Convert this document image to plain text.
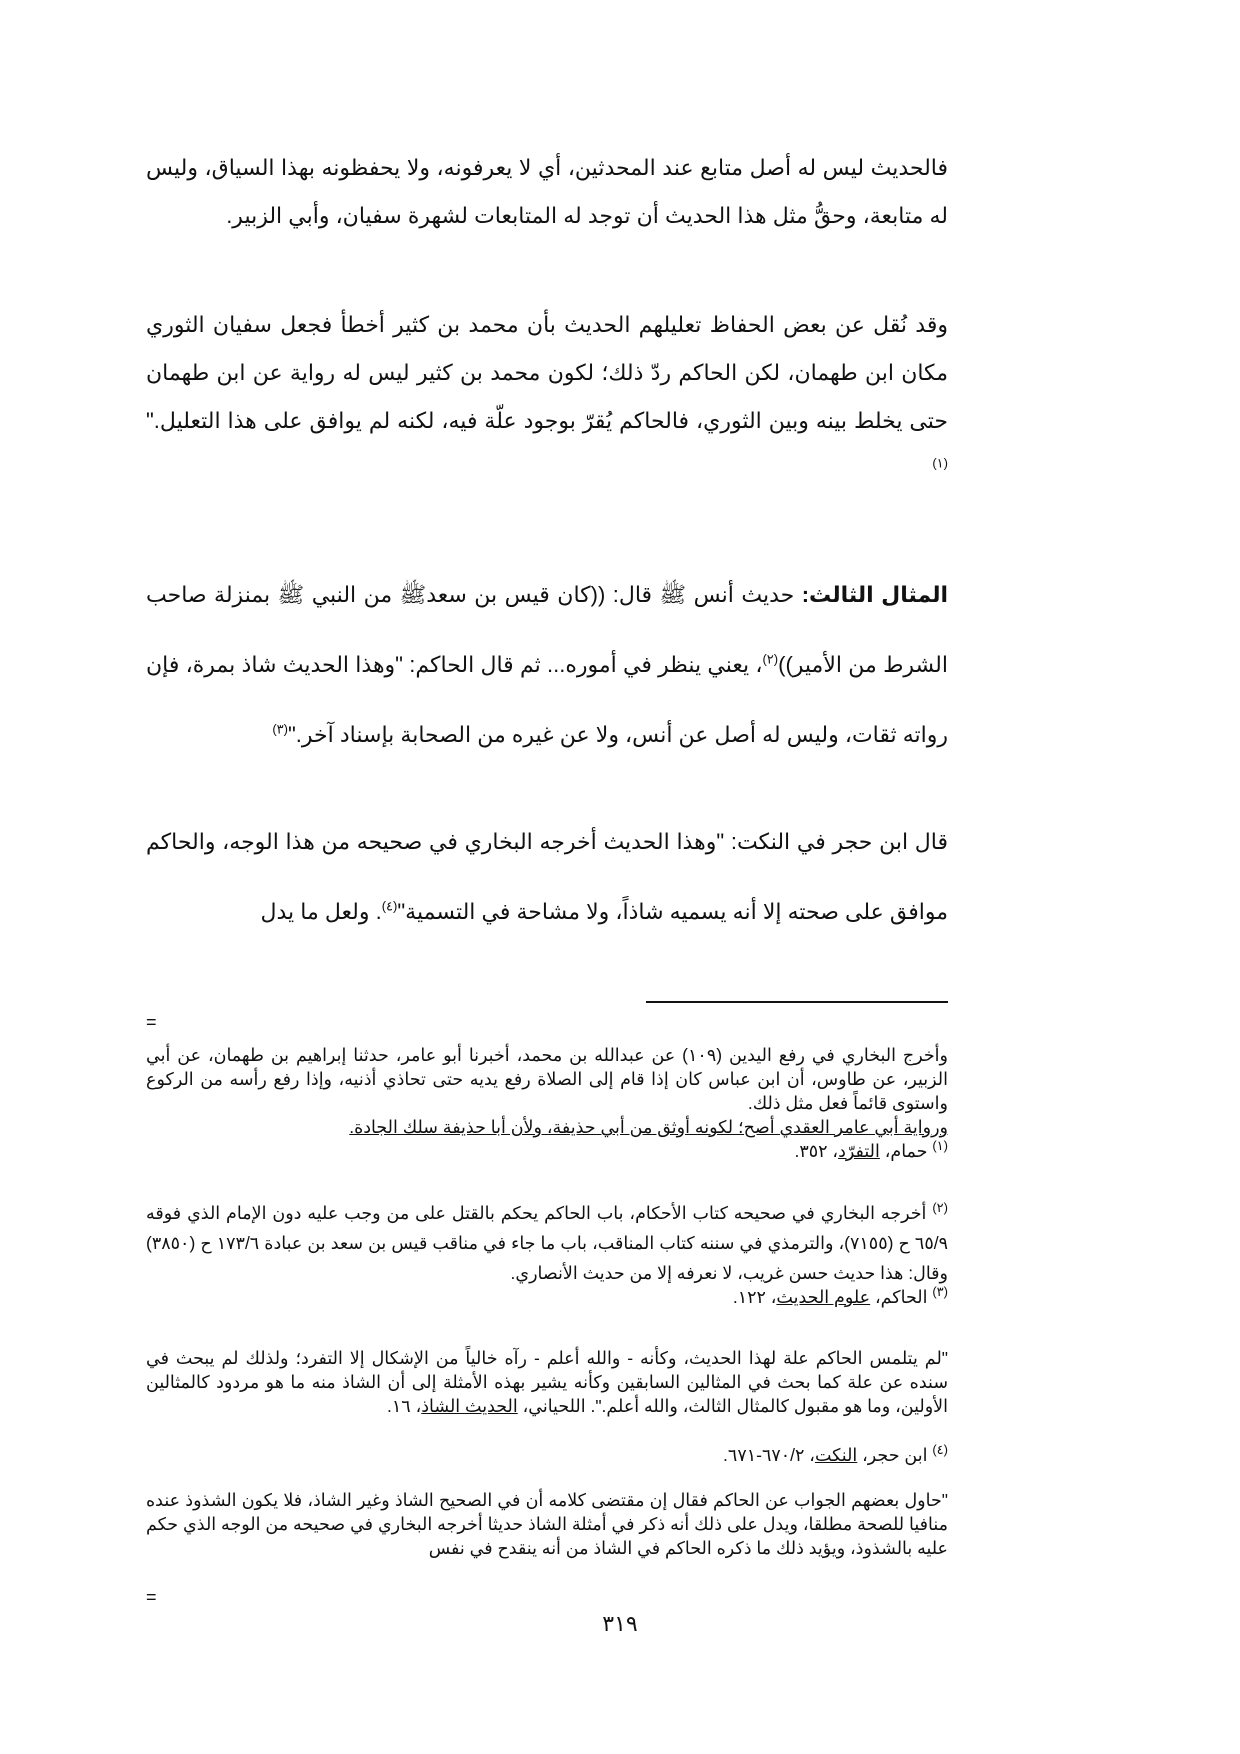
فالحديث ليس له أصل متابع عند المحدثين، أي لا يعرفونه، ولا يحفظونه بهذا السياق، وليس له متابعة، وحقُّ مثل هذا الحديث أن توجد له المتابعات لشهرة سفيان، وأبي الزبير.

وقد نُقل عن بعض الحفاظ تعليلهم الحديث بأن محمد بن كثير أخطأ فجعل سفيان الثوري مكان ابن طهمان، لكن الحاكم ردّ ذلك؛ لكون محمد بن كثير ليس له رواية عن ابن طهمان حتى يخلط بينه وبين الثوري، فالحاكم يُقرّ بوجود علّة فيه، لكنه لم يوافق على هذا التعليل."$^{(١)}$

المثال الثالث: حديث أنس ﷺ قال: ((كان قيس بن سعدﷺ من النبي ﷺ بمنزلة صاحب الشرط من الأمير))$^{(٢)}$، يعني ينظر في أموره... ثم قال الحاكم: "وهذا الحديث شاذ بمرة، فإن رواته ثقات، وليس له أصل عن أنس، ولا عن غيره من الصحابة بإسناد آخر."$^{(٣)}$

قال ابن حجر في النكت: "وهذا الحديث أخرجه البخاري في صحيحه من هذا الوجه، والحاكم موافق على صحته إلا أنه يسميه شاذاً، ولا مشاحة في التسمية"$^{(٤)}$. ولعل ما يدل

=

وأخرج البخاري في رفع اليدين (١٠٩) عن عبدالله بن محمد، أخبرنا أبو عامر، حدثنا إبراهيم بن طهمان، عن أبي الزبير، عن طاوس، أن ابن عباس كان إذا قام إلى الصلاة رفع يديه حتى تحاذي أذنيه، وإذا رفع رأسه من الركوع واستوى قائماً فعل مثل ذلك.

ورواية أبي عامر العقدي أصح؛ لكونه أوثق من أبي حذيفة، ولأن أبا حذيفة سلك الجادة.

$^{(١)}$ حمام، التفرّد، ٣٥٢.

$^{(٢)}$ أخرجه البخاري في صحيحه كتاب الأحكام، باب الحاكم يحكم بالقتل على من وجب عليه دون الإمام الذي فوقه ٦٥/٩ ح (٧١٥٥)، والترمذي في سننه كتاب المناقب، باب ما جاء في مناقب قيس بن سعد بن عبادة ١٧٣/٦ ح (٣٨٥٠) وقال: هذا حديث حسن غريب، لا نعرفه إلا من حديث الأنصاري.

$^{(٣)}$ الحاكم، علوم الحديث، ١٢٢.

"لم يتلمس الحاكم علة لهذا الحديث، وكأنه - والله أعلم - رآه خالياً من الإشكال إلا التفرد؛ ولذلك لم يبحث في سنده عن علة كما بحث في المثالين السابقين وكأنه يشير بهذه الأمثلة إلى أن الشاذ منه ما هو مردود كالمثالين الأولين، وما هو مقبول كالمثال الثالث، والله أعلم.". اللحياني، الحديث الشاذ، ١٦.

$^{(٤)}$ ابن حجر، النكت، ٦٧٠/٢-٦٧١.

"حاول بعضهم الجواب عن الحاكم فقال إن مقتضى كلامه أن في الصحيح الشاذ وغير الشاذ، فلا يكون الشذوذ عنده منافيا للصحة مطلقا، ويدل على ذلك أنه ذكر في أمثلة الشاذ حديثا أخرجه البخاري في صحيحه من الوجه الذي حكم عليه بالشذوذ، ويؤيد ذلك ما ذكره الحاكم في الشاذ من أنه ينقدح في نفس

=
٣١٩
